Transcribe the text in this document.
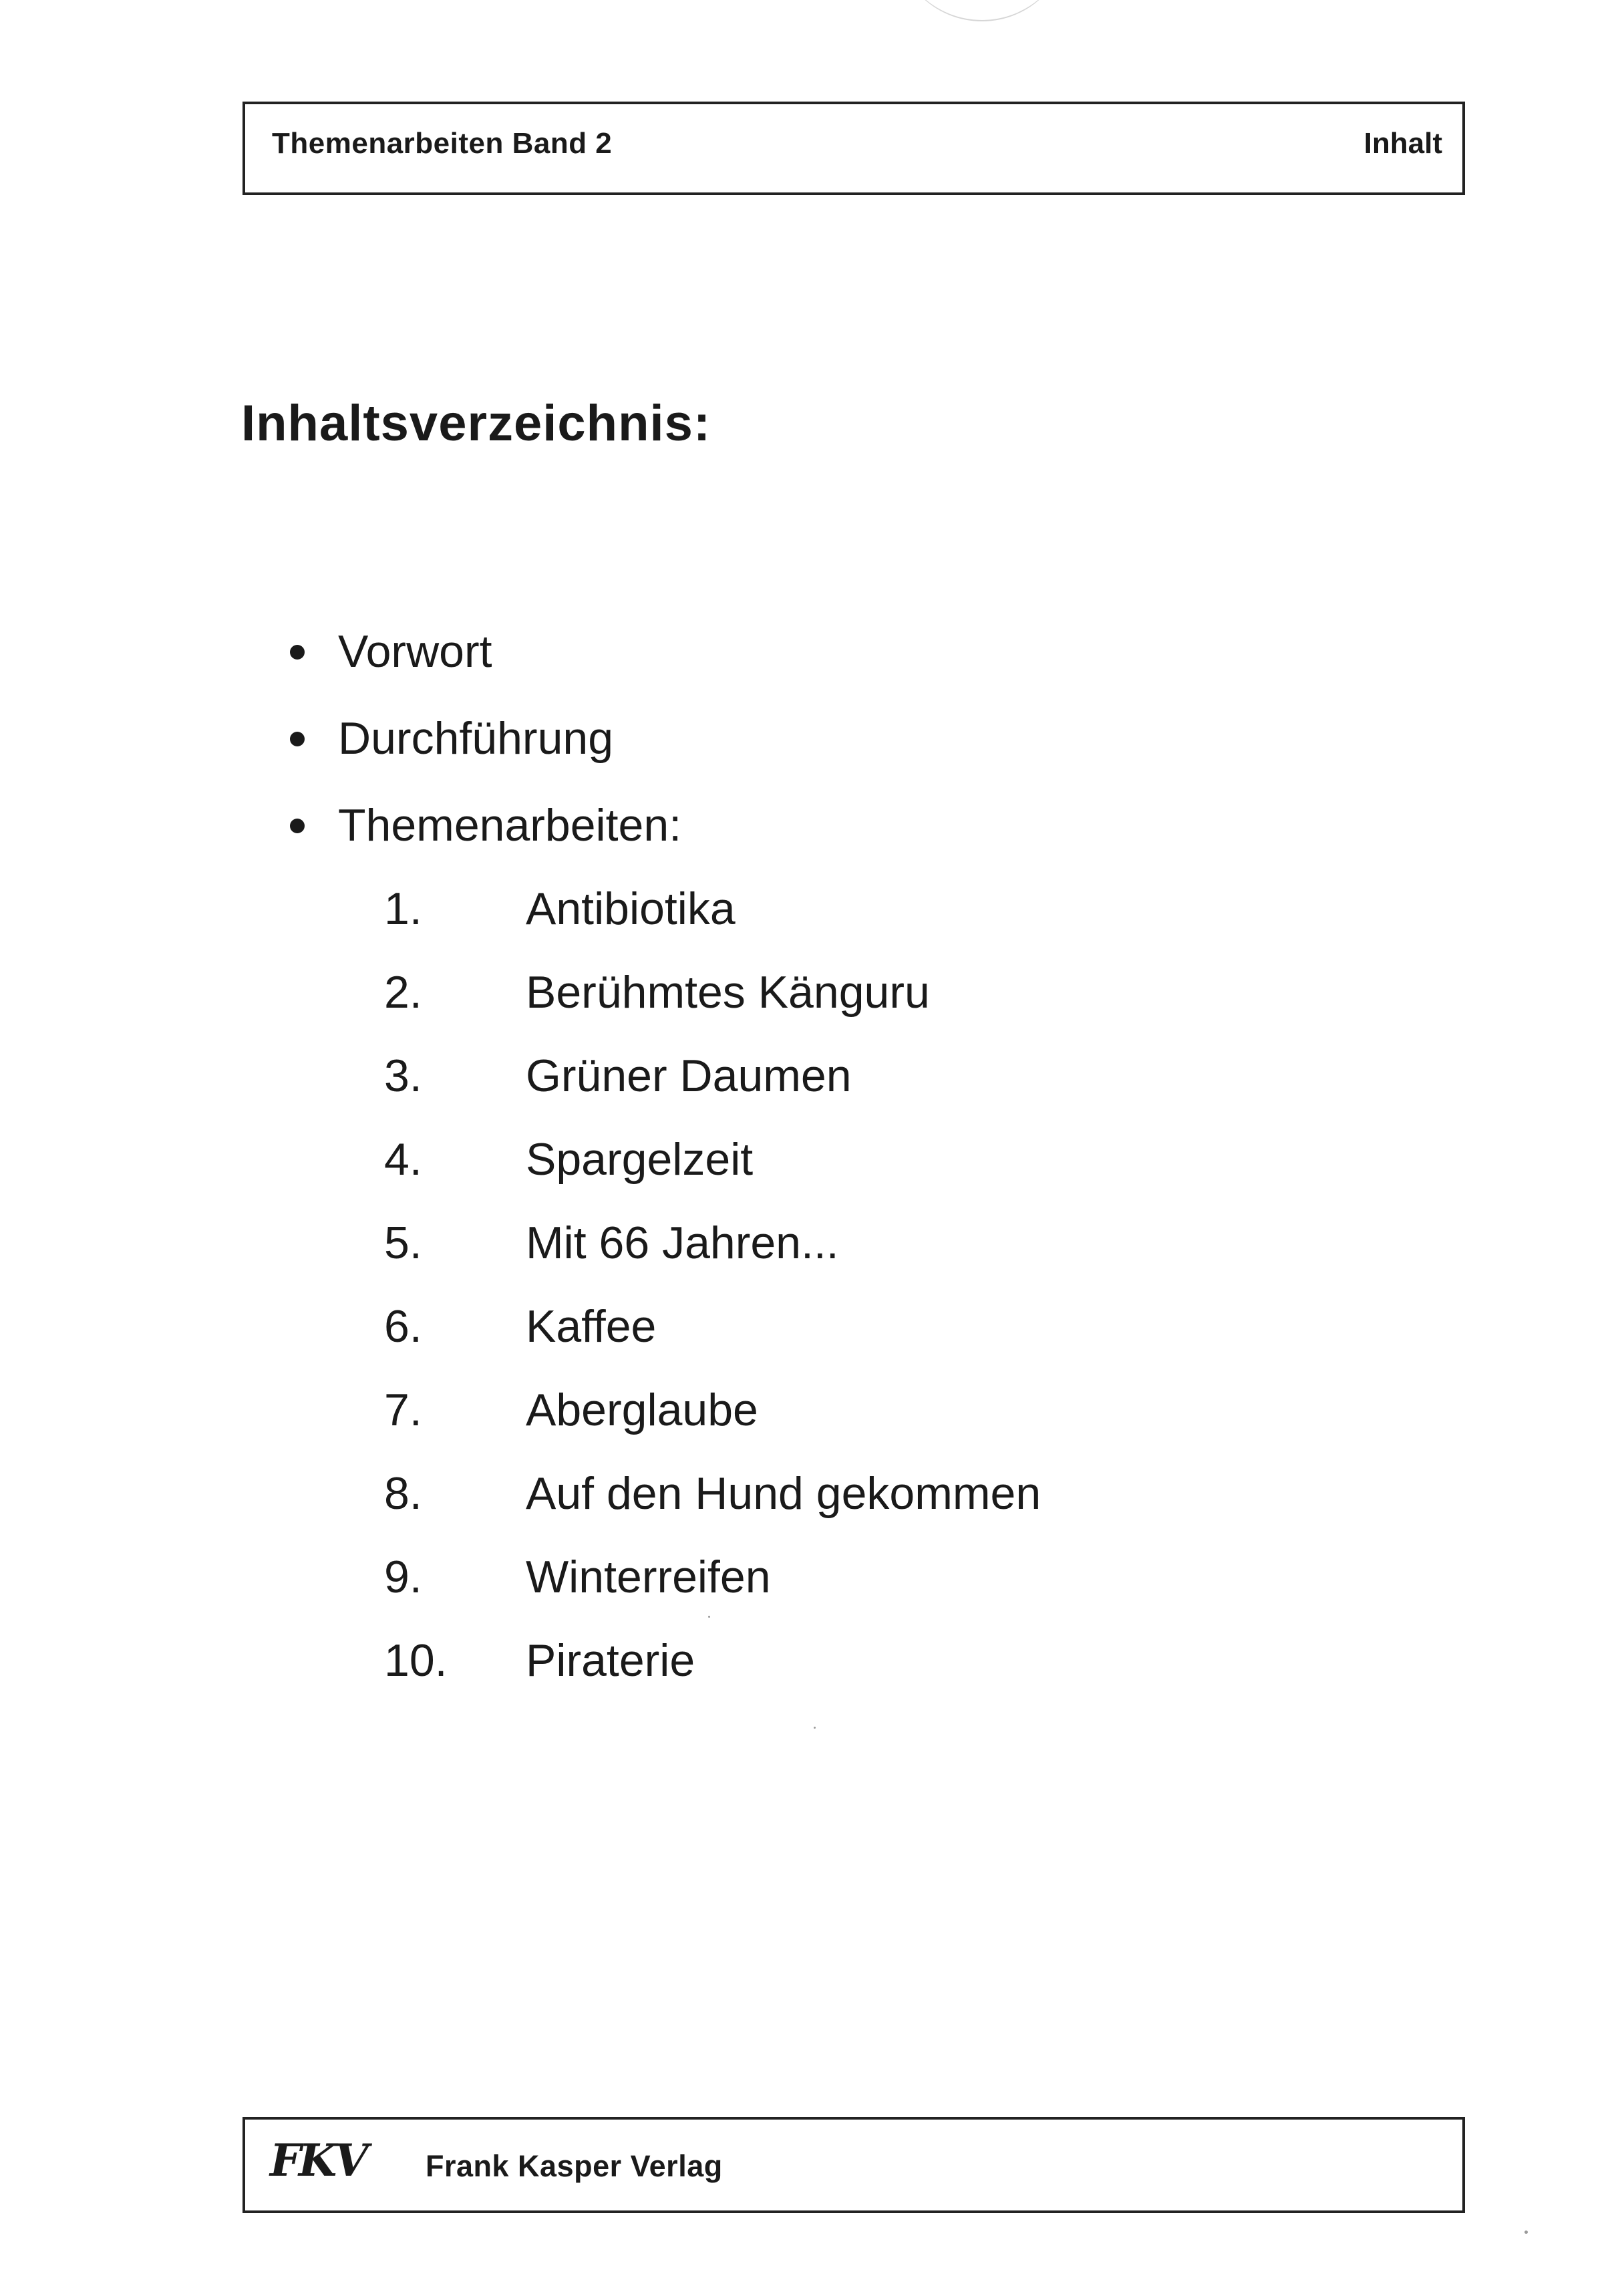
Themenarbeiten Band 2	Inhalt
Inhaltsverzeichnis:
Vorwort
Durchführung
Themenarbeiten:
1. Antibiotika
2. Berühmtes Känguru
3. Grüner Daumen
4. Spargelzeit
5. Mit 66 Jahren...
6. Kaffee
7. Aberglaube
8. Auf den Hund gekommen
9. Winterreifen
10. Piraterie
FKV Frank Kasper Verlag
